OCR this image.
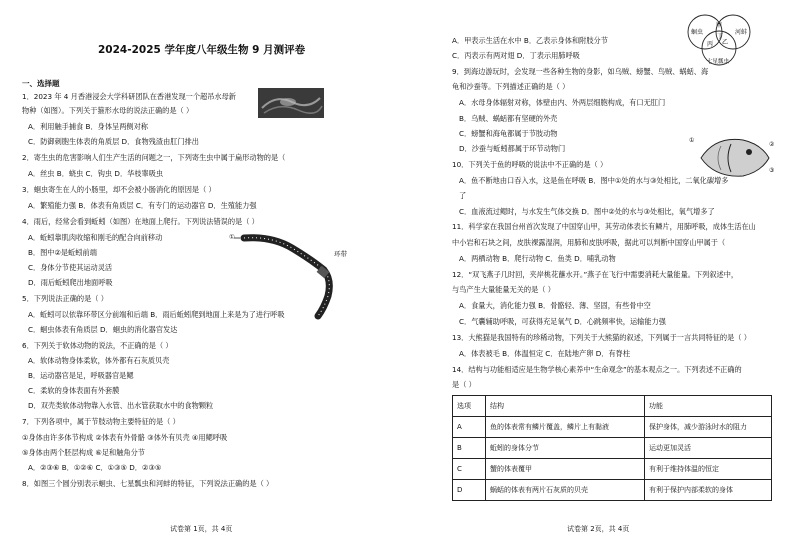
2024-2025 学年度八年级生物 9 月测评卷
一、选择题
1．2023 年 4 月香港浸会大学科研团队在香港发现一个超吊水母新
物种（如图）。下列关于箍形水母的说法正确的是（ ）
A．利用触手捕食 B．身体呈两侧对称
C．防御刺胞生体表的角质层 D．食物残渣由肛门排出
2．寄生虫的危害影响人们生产生活的问题之一，下列寄生虫中属于扁形动物的是（
A．丝虫 B．蛲虫 C．钩虫 D．华枝睾吸虫
3．蛔虫寄生在人的小肠里，却不会被小肠消化的原因是（ ）
A．繁殖能力强 B．体表有角质层 C．有专门的运动器官 D．生殖能力强
4．雨后，经常会看到蚯蚓（如图）在地面上爬行。下列说法错误的是（ ）
A．蚯蚓靠肌肉收缩和刚毛的配合向前移动
B．图中②是蚯蚓前端
C．身体分节使其运动灵活
D．雨后蚯蚓爬出地面呼吸
5．下列说法正确的是（ ）
A．蚯蚓可以依靠环带区分前端和后端 B．雨后蚯蚓爬到地面上来是为了进行呼吸
C．蛔虫体表有角质层 D．蛔虫的消化器官发达
6．下列关于软体动物的说法，不正确的是（ ）
A．软体动物身体柔软，体外都有石灰质贝壳
B．运动器官是足，呼吸器官是鳃
C．柔软的身体表面有外套膜
D．双壳类软体动物靠入水管、出水管获取水中的食物颗粒
7．下列各项中，属于节肢动物主要特征的是（ ）
①身体由许多体节构成 ②体表有外骨骼 ③体外有贝壳 ④用鳃呼吸
⑤身体由两个胚层构成 ⑥足和触角分节
A．②③⑥ B．①②⑥ C．①③⑤ D．②③⑤
8．如图三个圆分别表示蛔虫、七星瓢虫和河蚌的特征，下列说法正确的是（ ）
①
环带
试卷第 1页，共 4页
A．甲表示生活在水中 B．乙表示身体和附肢分节
C．丙表示有两对翅 D．丁表示用肺呼吸
9．到海边游玩时，会发现一些各种生物的身影，如乌贼、螃蟹、鸟贼、蜗蛞、海
龟和沙蚕等。下列描述正确的是（ ）
A．水母身体辐射对称，体壁由内、外两层细胞构成，有口无肛门
B．乌贼、蜗蛞都有坚硬的外壳
C．螃蟹和海龟都属于节肢动物
D．沙蚕与蚯蚓都属于环节动物门
10．下列关于鱼的呼吸的说法中不正确的是（ ）
A．鱼不断地由口吞入水，这是鱼在呼吸 B．图中①处的水与③处相比，二氧化碳增多
了
C．血液流过鳃时，与水发生气体交换 D．图中②处的水与③处相比，氧气增多了
11．科学家在我国台州首次发现了中国穿山甲，其劳动体表长有鳞片，用肺呼吸，成体生活在山
中小岩和石块之间，皮肤裸露湿润，用肺和皮肤呼吸，据此可以判断中国穿山甲属于（
A．两栖动物 B．爬行动物 C．鱼类 D．哺乳动物
12．“双飞燕子几时回，夹岸桃花蘸水开。”燕子在飞行中需要消耗大量能量。下列叙述中，
与鸟产生大量能量无关的是（ ）
A．食量大，消化能力强 B．骨骼轻、薄、坚固，有些骨中空
C．气囊辅助呼吸，可获得充足氧气 D．心跳频率快，运输能力强
13．大熊猫是我国特有的珍稀动物，下列关于大熊猫的叙述，下列属于一言共同特征的是（ ）
A．体表被毛 B．体温恒定 C．在陆地产卵 D．有脊柱
14．结构与功能相适应是生物学核心素养中“生命观念”的基本观点之一。下列表述不正确的
是（ ）
蛔虫	河蚌
七星瓢虫
甲
乙
丙
丁
①
②
③
选项	结构	功能
A	鱼的体表常有鳞片覆盖，鳞片上有黏液	保护身体，减少游泳时水的阻力
B	蚯蚓的身体分节	运动更加灵活
C	蟹的体表覆甲	有利于维持体温的恒定
D	蜗蛞的体表有两片石灰质的贝壳	有利于保护内部柔软的身体
试卷第 2页，共 4页
